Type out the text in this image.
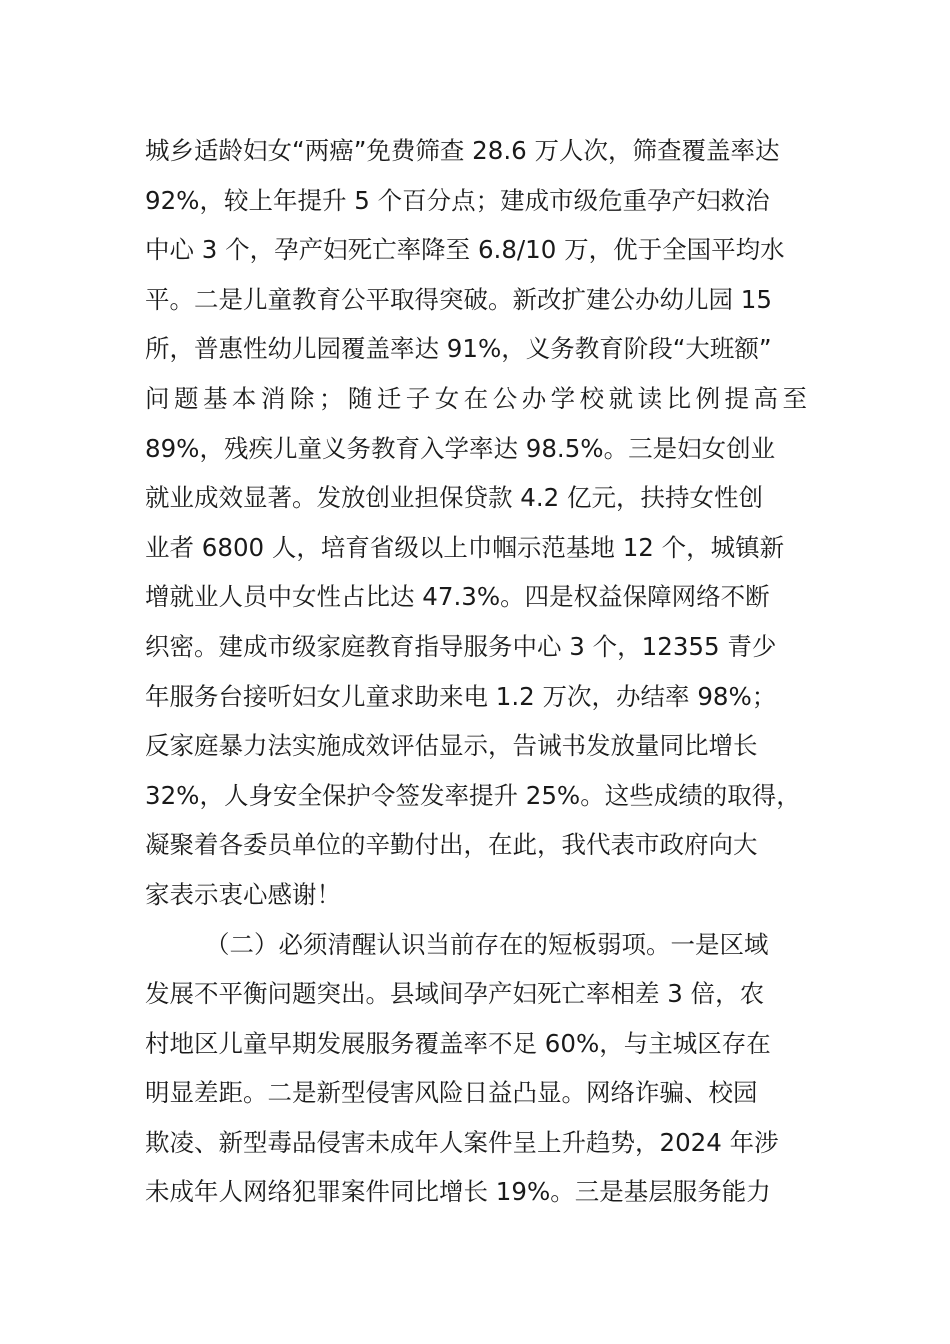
城乡适龄妇女“两癌”免费筛查 28.6 万人次，筛查覆盖率达
92%，较上年提升 5 个百分点；建成市级危重孕产妇救治
中心 3 个，孕产妇死亡率降至 6.8/10 万，优于全国平均水
平。二是儿童教育公平取得突破。新改扩建公办幼儿园 15
所，普惠性幼儿园覆盖率达 91%，义务教育阶段“大班额”
问题基本消除；随迁子女在公办学校就读比例提高至
89%，残疾儿童义务教育入学率达 98.5%。三是妇女创业
就业成效显著。发放创业担保贷款 4.2 亿元，扶持女性创
业者 6800 人，培育省级以上巾帼示范基地 12 个，城镇新
增就业人员中女性占比达 47.3%。四是权益保障网络不断
织密。建成市级家庭教育指导服务中心 3 个，12355 青少
年服务台接听妇女儿童求助来电 1.2 万次，办结率 98%；
反家庭暴力法实施成效评估显示，告诫书发放量同比增长
32%，人身安全保护令签发率提升 25%。这些成绩的取得，
凝聚着各委员单位的辛勤付出，在此，我代表市政府向大
家表示衷心感谢！
（二）必须清醒认识当前存在的短板弱项。一是区域
发展不平衡问题突出。县域间孕产妇死亡率相差 3 倍，农
村地区儿童早期发展服务覆盖率不足 60%，与主城区存在
明显差距。二是新型侵害风险日益凸显。网络诈骗、校园
欺凌、新型毒品侵害未成年人案件呈上升趋势，2024 年涉
未成年人网络犯罪案件同比增长 19%。三是基层服务能力
